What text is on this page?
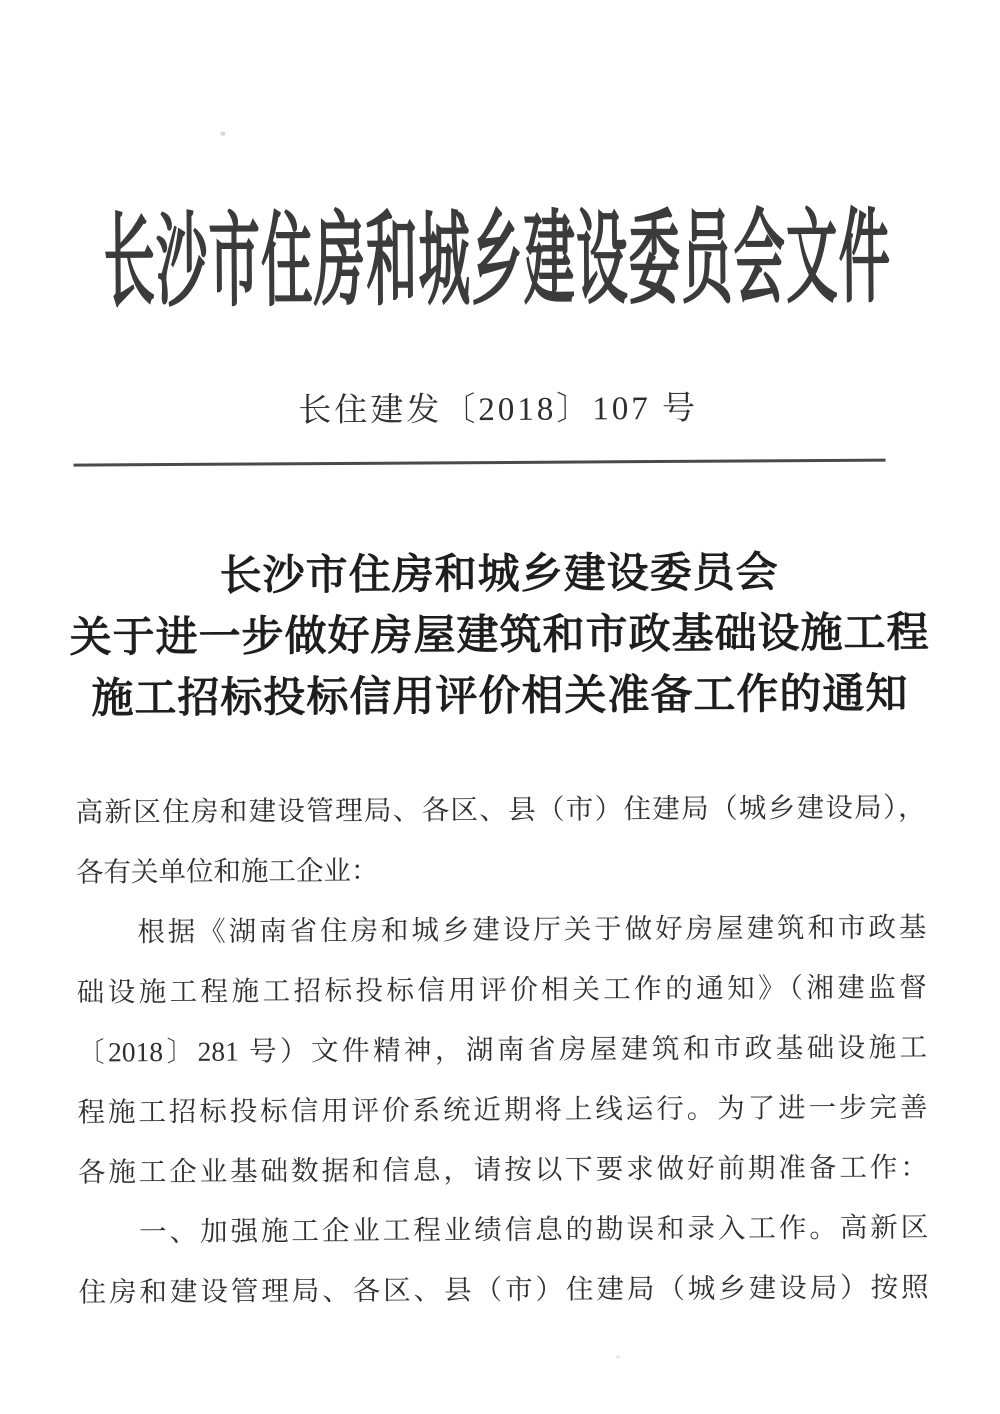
长沙市住房和城乡建设委员会文件
长住建发〔2018〕107 号
长沙市住房和城乡建设委员会
关于进一步做好房屋建筑和市政基础设施工程
施工招标投标信用评价相关准备工作的通知
高新区住房和建设管理局、各区、县（市）住建局（城乡建设局），
各有关单位和施工企业：
　　根据《湖南省住房和城乡建设厅关于做好房屋建筑和市政基
础设施工程施工招标投标信用评价相关工作的通知》（湘建监督
〔2018〕281 号）文件精神，湖南省房屋建筑和市政基础设施工
程施工招标投标信用评价系统近期将上线运行。为了进一步完善
各施工企业基础数据和信息，请按以下要求做好前期准备工作：
　　一、加强施工企业工程业绩信息的勘误和录入工作。高新区
住房和建设管理局、各区、县（市）住建局（城乡建设局）按照
